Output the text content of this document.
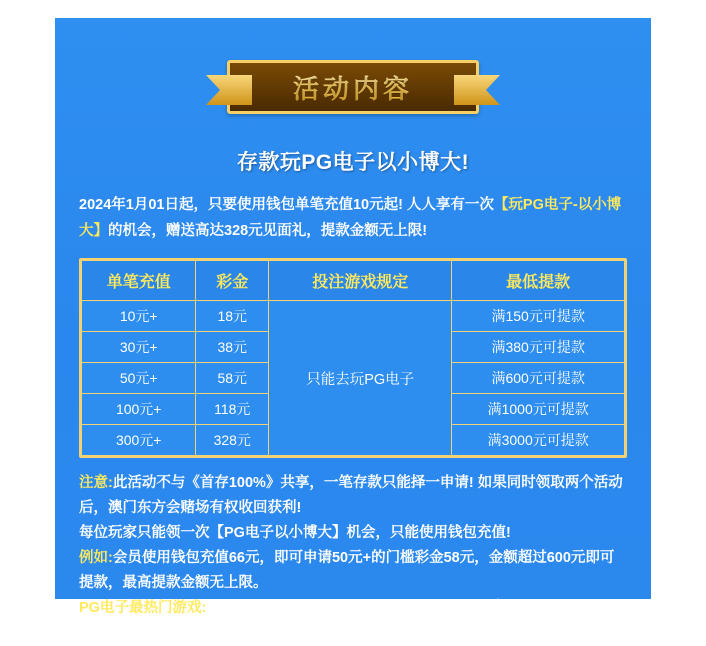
活动内容
存款玩PG电子以小博大!
2024年1月01日起，只要使用钱包单笔充值10元起! 人人享有一次【玩PG电子-以小博大】的机会，赠送高达328元见面礼，提款金额无上限!
单笔充值	彩金	投注游戏规定	最低提款
10元+	18元	只能去玩PG电子	满150元可提款
30元+	38元		满380元可提款
50元+	58元		满600元可提款
100元+	118元		满1000元可提款
300元+	328元		满3000元可提款

注意:此活动不与《首存100%》共享，一笔存款只能择一申请! 如果同时领取两个活动后，澳门东方会赌场有权收回获利!

每位玩家只能领一次【PG电子以小博大】机会，只能使用钱包充值!

例如:会员使用钱包充值66元，即可申请50元+的门槛彩金58元，金额超过600元即可提款，最高提款金额无上限。

PG电子最热门游戏:【麻将胡了-麻将胡了2-寻宝黄金城-赏金女王-招财猫】

千万奖金一触即发!
